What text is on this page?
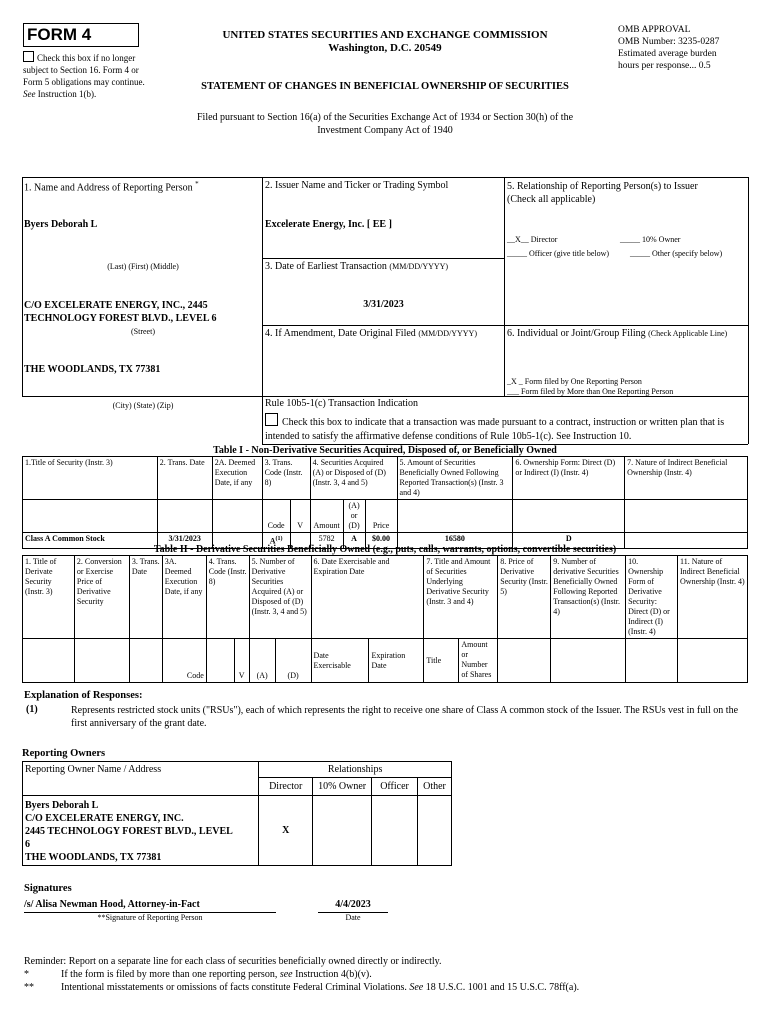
FORM 4
Check this box if no longer subject to Section 16. Form 4 or Form 5 obligations may continue. See Instruction 1(b).
UNITED STATES SECURITIES AND EXCHANGE COMMISSION
Washington, D.C. 20549
STATEMENT OF CHANGES IN BENEFICIAL OWNERSHIP OF SECURITIES
OMB APPROVAL
OMB Number: 3235-0287
Estimated average burden
hours per response... 0.5
Filed pursuant to Section 16(a) of the Securities Exchange Act of 1934 or Section 30(h) of the
Investment Company Act of 1940
1. Name and Address of Reporting Person *
Byers Deborah L
(Last) (First) (Middle)
C/O EXCELERATE ENERGY, INC., 2445
TECHNOLOGY FOREST BLVD., LEVEL 6
(Street)
THE WOODLANDS, TX 77381
(City) (State) (Zip)
2. Issuer Name and Ticker or Trading Symbol
Excelerate Energy, Inc. [ EE ]
3. Date of Earliest Transaction (MM/DD/YYYY)
3/31/2023
4. If Amendment, Date Original Filed (MM/DD/YYYY)
5. Relationship of Reporting Person(s) to Issuer
(Check all applicable)
__X__ Director	_____ 10% Owner
_____ Officer (give title below)	_____ Other (specify below)
6. Individual or Joint/Group Filing (Check Applicable Line)
_X _ Form filed by One Reporting Person
___ Form filed by More than One Reporting Person
Rule 10b5-1(c) Transaction Indication
Check this box to indicate that a transaction was made pursuant to a contract, instruction or written plan that is intended to satisfy the affirmative defense conditions of Rule 10b5-1(c). See Instruction 10.
Table I - Non-Derivative Securities Acquired, Disposed of, or Beneficially Owned
1.Title of Security (Instr. 3)	2. Trans. Date	2A. Deemed Execution Date, if any	3. Trans. Code (Instr. 8)		4. Securities Acquired (A) or Disposed of (D) (Instr. 3, 4 and 5)			5. Amount of Securities Beneficially Owned Following Reported Transaction(s) (Instr. 3 and 4)	6. Ownership Form: Direct (D) or Indirect (I) (Instr. 4)	7. Nature of Indirect Beneficial Ownership (Instr. 4)
			Code	V	Amount	(A) or (D)	Price			
Class A Common Stock	3/31/2023		$A^{(1)}$		5782	A	$0.00	16580	D	
Table II - Derivative Securities Beneficially Owned (e.g., puts, calls, warrants, options, convertible securities)
1. Title of Derivate Security (Instr. 3)	2. Conversion or Exercise Price of Derivative Security	3. Trans. Date	3A. Deemed Execution Date, if any	4. Trans. Code (Instr. 8)		5. Number of Derivative Securities Acquired (A) or Disposed of (D) (Instr. 3, 4 and 5)		6. Date Exercisable and Expiration Date		7. Title and Amount of Securities Underlying Derivative Security (Instr. 3 and 4)		8. Price of Derivative Security (Instr. 5)	9. Number of derivative Securities Beneficially Owned Following Reported Transaction(s) (Instr. 4)	10. Ownership Form of Derivative Security: Direct (D) or Indirect (I) (Instr. 4)	11. Nature of Indirect Beneficial Ownership (Instr. 4)
			Code		V	(A)	(D)	Date Exercisable	Expiration Date	Title	Amount or Number of Shares				
Explanation of Responses:
(1)	Represents restricted stock units ("RSUs"), each of which represents the right to receive one share of Class A common stock of the Issuer. The RSUs vest in full on the first anniversary of the grant date.
Reporting Owners
Reporting Owner Name / Address	Relationships			
	Director	10% Owner	Officer	Other

Byers Deborah L
C/O EXCELERATE ENERGY, INC.
2445 TECHNOLOGY FOREST BLVD., LEVEL
6
THE WOODLANDS, TX 77381	X			
Signatures
/s/ Alisa Newman Hood, Attorney-in-Fact
**Signature of Reporting Person
4/4/2023
Date
Reminder: Report on a separate line for each class of securities beneficially owned directly or indirectly.
*	If the form is filed by more than one reporting person, see Instruction 4(b)(v).
**	Intentional misstatements or omissions of facts constitute Federal Criminal Violations. See 18 U.S.C. 1001 and 15 U.S.C. 78ff(a).
